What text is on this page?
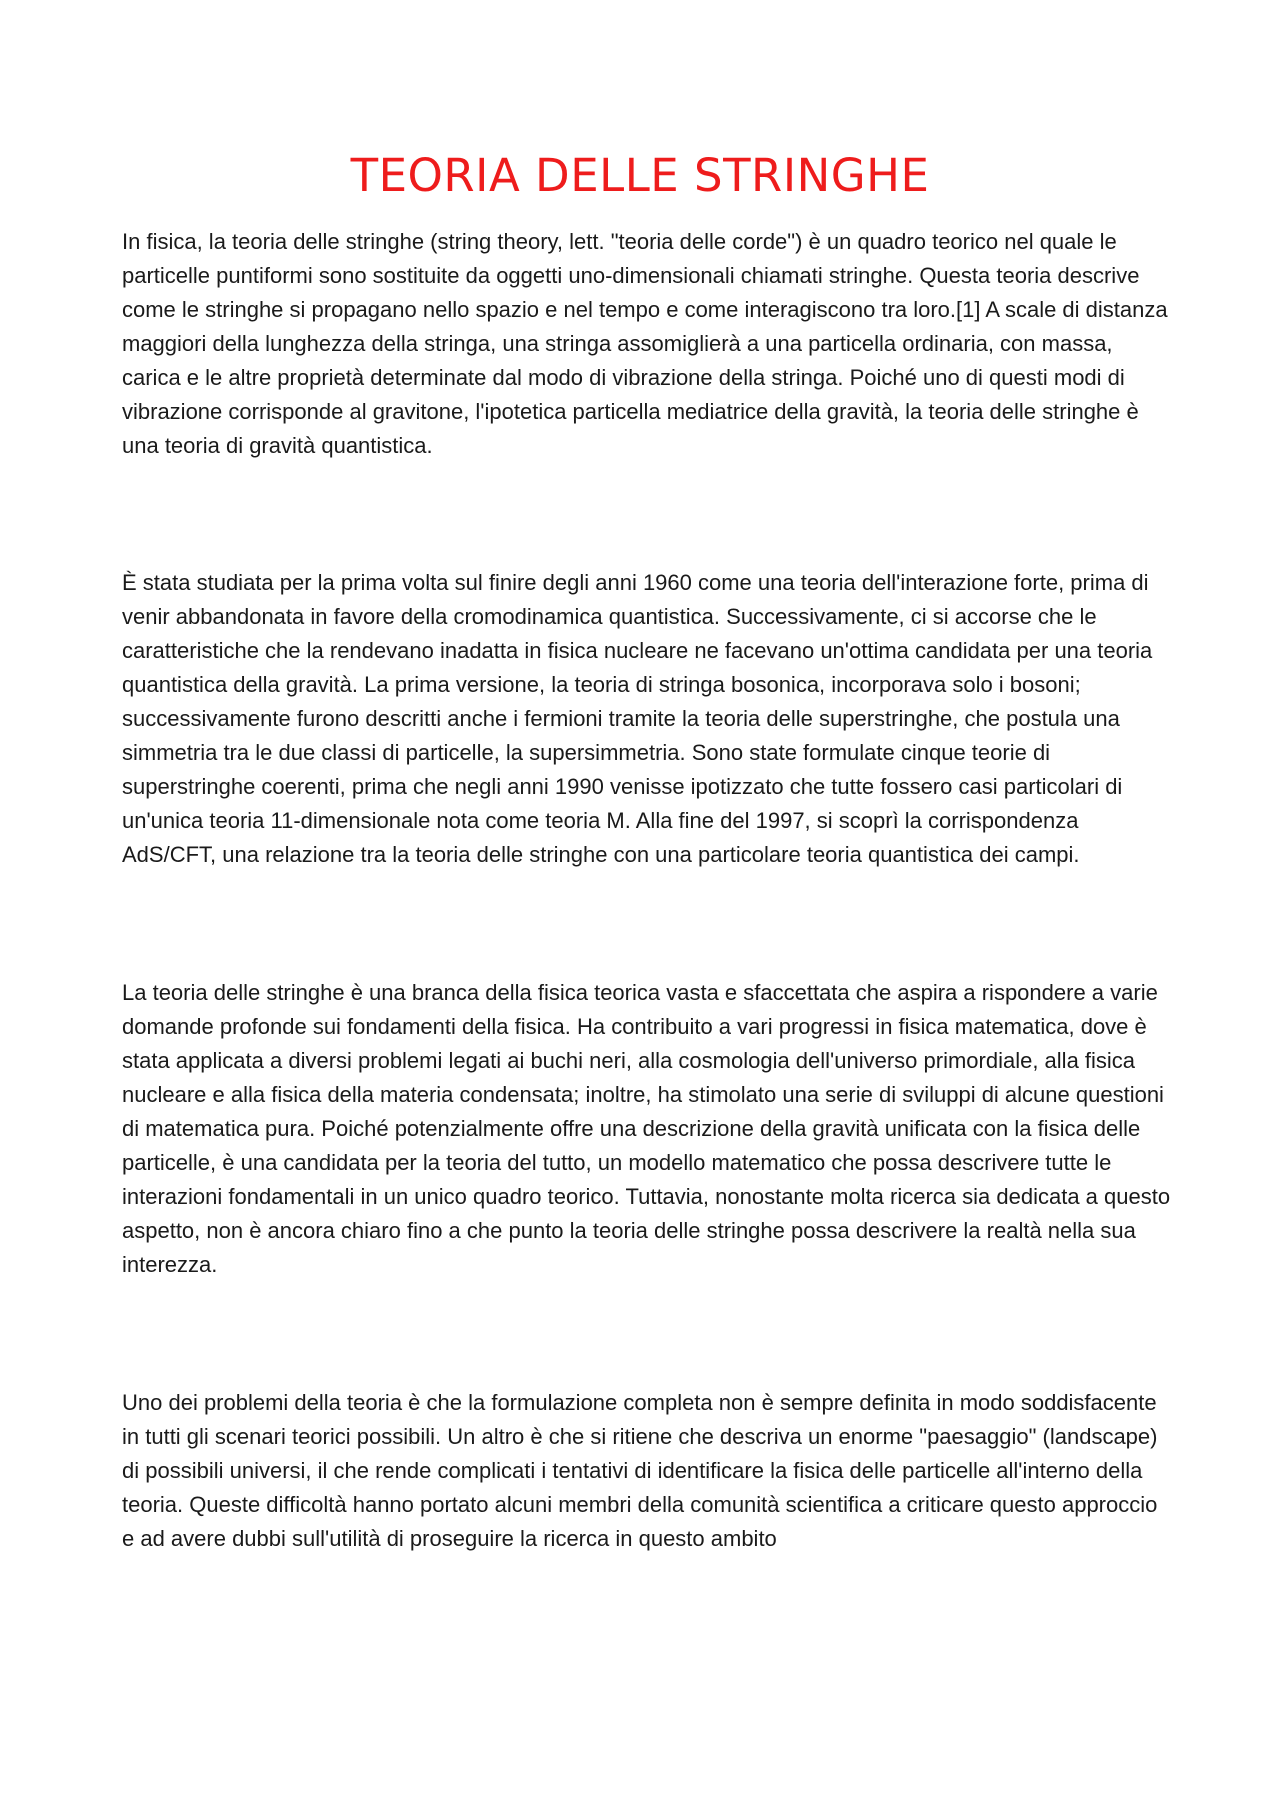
TEORIA DELLE STRINGHE

In fisica, la teoria delle stringhe (string theory, lett. "teoria delle corde") è un quadro teorico nel quale le particelle puntiformi sono sostituite da oggetti uno-dimensionali chiamati stringhe. Questa teoria descrive come le stringhe si propagano nello spazio e nel tempo e come interagiscono tra loro.[1] A scale di distanza maggiori della lunghezza della stringa, una stringa assomiglierà a una particella ordinaria, con massa, carica e le altre proprietà determinate dal modo di vibrazione della stringa. Poiché uno di questi modi di vibrazione corrisponde al gravitone, l'ipotetica particella mediatrice della gravità, la teoria delle stringhe è una teoria di gravità quantistica.

È stata studiata per la prima volta sul finire degli anni 1960 come una teoria dell'interazione forte, prima di venir abbandonata in favore della cromodinamica quantistica. Successivamente, ci si accorse che le caratteristiche che la rendevano inadatta in fisica nucleare ne facevano un'ottima candidata per una teoria quantistica della gravità. La prima versione, la teoria di stringa bosonica, incorporava solo i bosoni; successivamente furono descritti anche i fermioni tramite la teoria delle superstringhe, che postula una simmetria tra le due classi di particelle, la supersimmetria. Sono state formulate cinque teorie di superstringhe coerenti, prima che negli anni 1990 venisse ipotizzato che tutte fossero casi particolari di un'unica teoria 11-dimensionale nota come teoria M. Alla fine del 1997, si scoprì la corrispondenza AdS/CFT, una relazione tra la teoria delle stringhe con una particolare teoria quantistica dei campi.

La teoria delle stringhe è una branca della fisica teorica vasta e sfaccettata che aspira a rispondere a varie domande profonde sui fondamenti della fisica. Ha contribuito a vari progressi in fisica matematica, dove è stata applicata a diversi problemi legati ai buchi neri, alla cosmologia dell'universo primordiale, alla fisica nucleare e alla fisica della materia condensata; inoltre, ha stimolato una serie di sviluppi di alcune questioni di matematica pura. Poiché potenzialmente offre una descrizione della gravità unificata con la fisica delle particelle, è una candidata per la teoria del tutto, un modello matematico che possa descrivere tutte le interazioni fondamentali in un unico quadro teorico. Tuttavia, nonostante molta ricerca sia dedicata a questo aspetto, non è ancora chiaro fino a che punto la teoria delle stringhe possa descrivere la realtà nella sua interezza.

Uno dei problemi della teoria è che la formulazione completa non è sempre definita in modo soddisfacente in tutti gli scenari teorici possibili. Un altro è che si ritiene che descriva un enorme "paesaggio" (landscape) di possibili universi, il che rende complicati i tentativi di identificare la fisica delle particelle all'interno della teoria. Queste difficoltà hanno portato alcuni membri della comunità scientifica a criticare questo approccio e ad avere dubbi sull'utilità di proseguire la ricerca in questo ambito
